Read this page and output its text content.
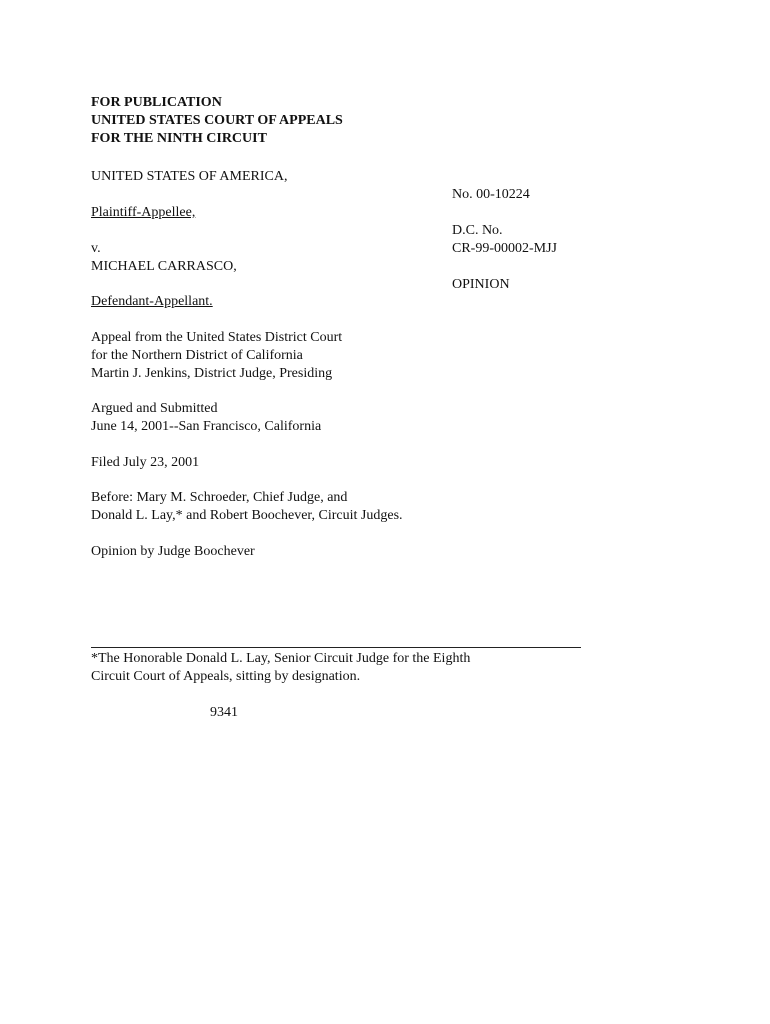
FOR PUBLICATION
UNITED STATES COURT OF APPEALS
FOR THE NINTH CIRCUIT
UNITED STATES OF AMERICA,
Plaintiff-Appellee,
v.
MICHAEL CARRASCO,
Defendant-Appellant.
No. 00-10224
D.C. No.
CR-99-00002-MJJ
OPINION
Appeal from the United States District Court
for the Northern District of California
Martin J. Jenkins, District Judge, Presiding
Argued and Submitted
June 14, 2001--San Francisco, California
Filed July 23, 2001
Before: Mary M. Schroeder, Chief Judge, and
Donald L. Lay,* and Robert Boochever, Circuit Judges.
Opinion by Judge Boochever
*The Honorable Donald L. Lay, Senior Circuit Judge for the Eighth
Circuit Court of Appeals, sitting by designation.
9341
